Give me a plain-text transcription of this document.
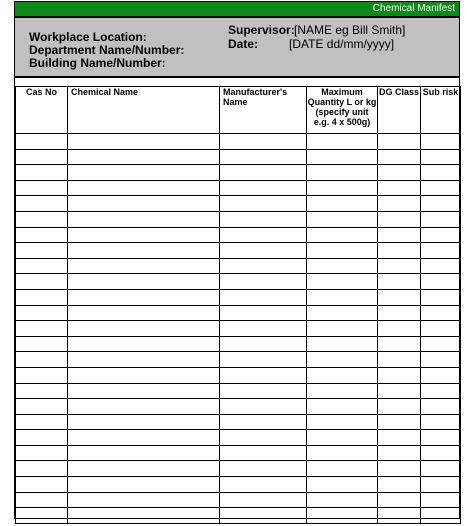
Chemical Manifest
Workplace Location:
Department Name/Number:
Building Name/Number:
Supervisor: [NAME eg Bill Smith]
Date:	[DATE dd/mm/yyyy]
Cas No	Chemical Name	Manufacturer's Name	Maximum Quantity L or kg (specify unit e.g. 4 x 500g)	DG Class	Sub risk
